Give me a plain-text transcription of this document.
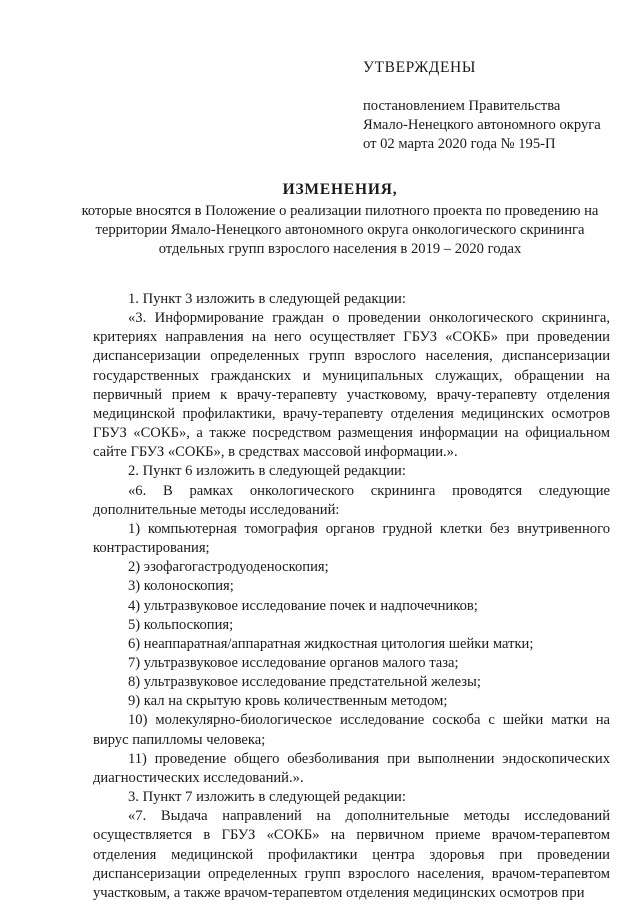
УТВЕРЖДЕНЫ
постановлением Правительства
Ямало-Ненецкого автономного округа
от 02 марта 2020 года № 195-П
ИЗМЕНЕНИЯ,
которые вносятся в Положение о реализации пилотного проекта по проведению на территории Ямало-Ненецкого автономного округа онкологического скрининга отдельных групп взрослого населения в 2019 – 2020 годах

1. Пункт 3 изложить в следующей редакции:

«3. Информирование граждан о проведении онкологического скрининга, критериях направления на него осуществляет ГБУЗ «СОКБ» при проведении диспансеризации определенных групп взрослого населения, диспансеризации государственных гражданских и муниципальных служащих, обращении на первичный прием к врачу-терапевту участковому, врачу-терапевту отделения медицинской профилактики, врачу-терапевту отделения медицинских осмотров ГБУЗ «СОКБ», а также посредством размещения информации на официальном сайте ГБУЗ «СОКБ», в средствах массовой информации.».

2. Пункт 6 изложить в следующей редакции:

«6. В рамках онкологического скрининга проводятся следующие дополнительные методы исследований:

1) компьютерная томография органов грудной клетки без внутривенного контрастирования;

2) эзофагогастродуоденоскопия;

3) колоноскопия;

4) ультразвуковое исследование почек и надпочечников;

5) кольпоскопия;

6) неаппаратная/аппаратная жидкостная цитология шейки матки;

7) ультразвуковое исследование органов малого таза;

8) ультразвуковое исследование предстательной железы;

9) кал на скрытую кровь количественным методом;

10) молекулярно-биологическое исследование соскоба с шейки матки на вирус папилломы человека;

11) проведение общего обезболивания при выполнении эндоскопических диагностических исследований.».

3. Пункт 7 изложить в следующей редакции:

«7. Выдача направлений на дополнительные методы исследований осуществляется в ГБУЗ «СОКБ» на первичном приеме врачом-терапевтом отделения медицинской профилактики центра здоровья при проведении диспансеризации определенных групп взрослого населения, врачом-терапевтом участковым, а также врачом-терапевтом отделения медицинских осмотров при
